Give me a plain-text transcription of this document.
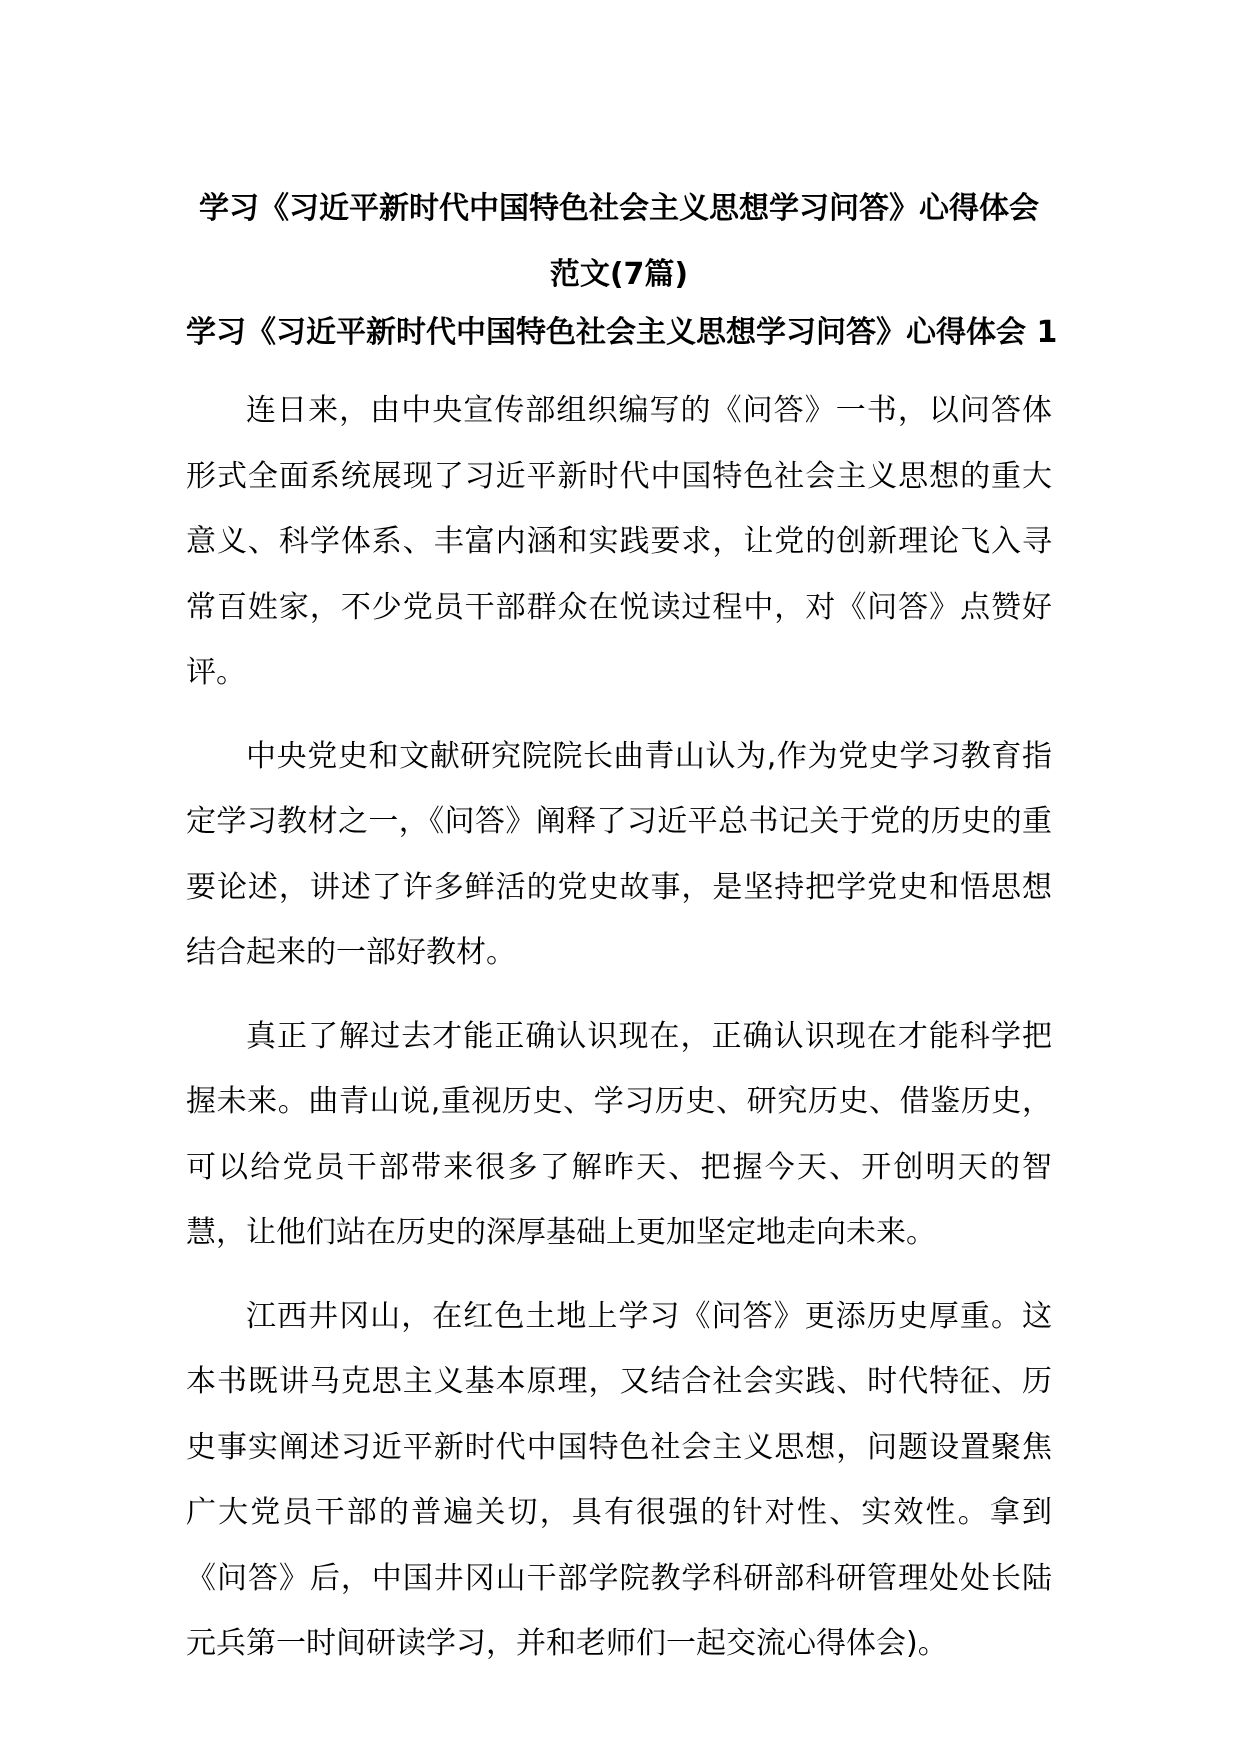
学习《习近平新时代中国特色社会主义思想学习问答》心得体会范文(7篇)
学习《习近平新时代中国特色社会主义思想学习问答》心得体会 1

连日来，由中央宣传部组织编写的《问答》一书，以问答体形式全面系统展现了习近平新时代中国特色社会主义思想的重大意义、科学体系、丰富内涵和实践要求，让党的创新理论飞入寻常百姓家，不少党员干部群众在悦读过程中，对《问答》点赞好评。

中央党史和文献研究院院长曲青山认为,作为党史学习教育指定学习教材之一，《问答》阐释了习近平总书记关于党的历史的重要论述，讲述了许多鲜活的党史故事，是坚持把学党史和悟思想结合起来的一部好教材。

真正了解过去才能正确认识现在，正确认识现在才能科学把握未来。曲青山说,重视历史、学习历史、研究历史、借鉴历史，可以给党员干部带来很多了解昨天、把握今天、开创明天的智慧，让他们站在历史的深厚基础上更加坚定地走向未来。

江西井冈山，在红色土地上学习《问答》更添历史厚重。这本书既讲马克思主义基本原理，又结合社会实践、时代特征、历史事实阐述习近平新时代中国特色社会主义思想，问题设置聚焦广大党员干部的普遍关切，具有很强的针对性、实效性。拿到《问答》后，中国井冈山干部学院教学科研部科研管理处处长陆元兵第一时间研读学习，并和老师们一起交流心得体会)。
